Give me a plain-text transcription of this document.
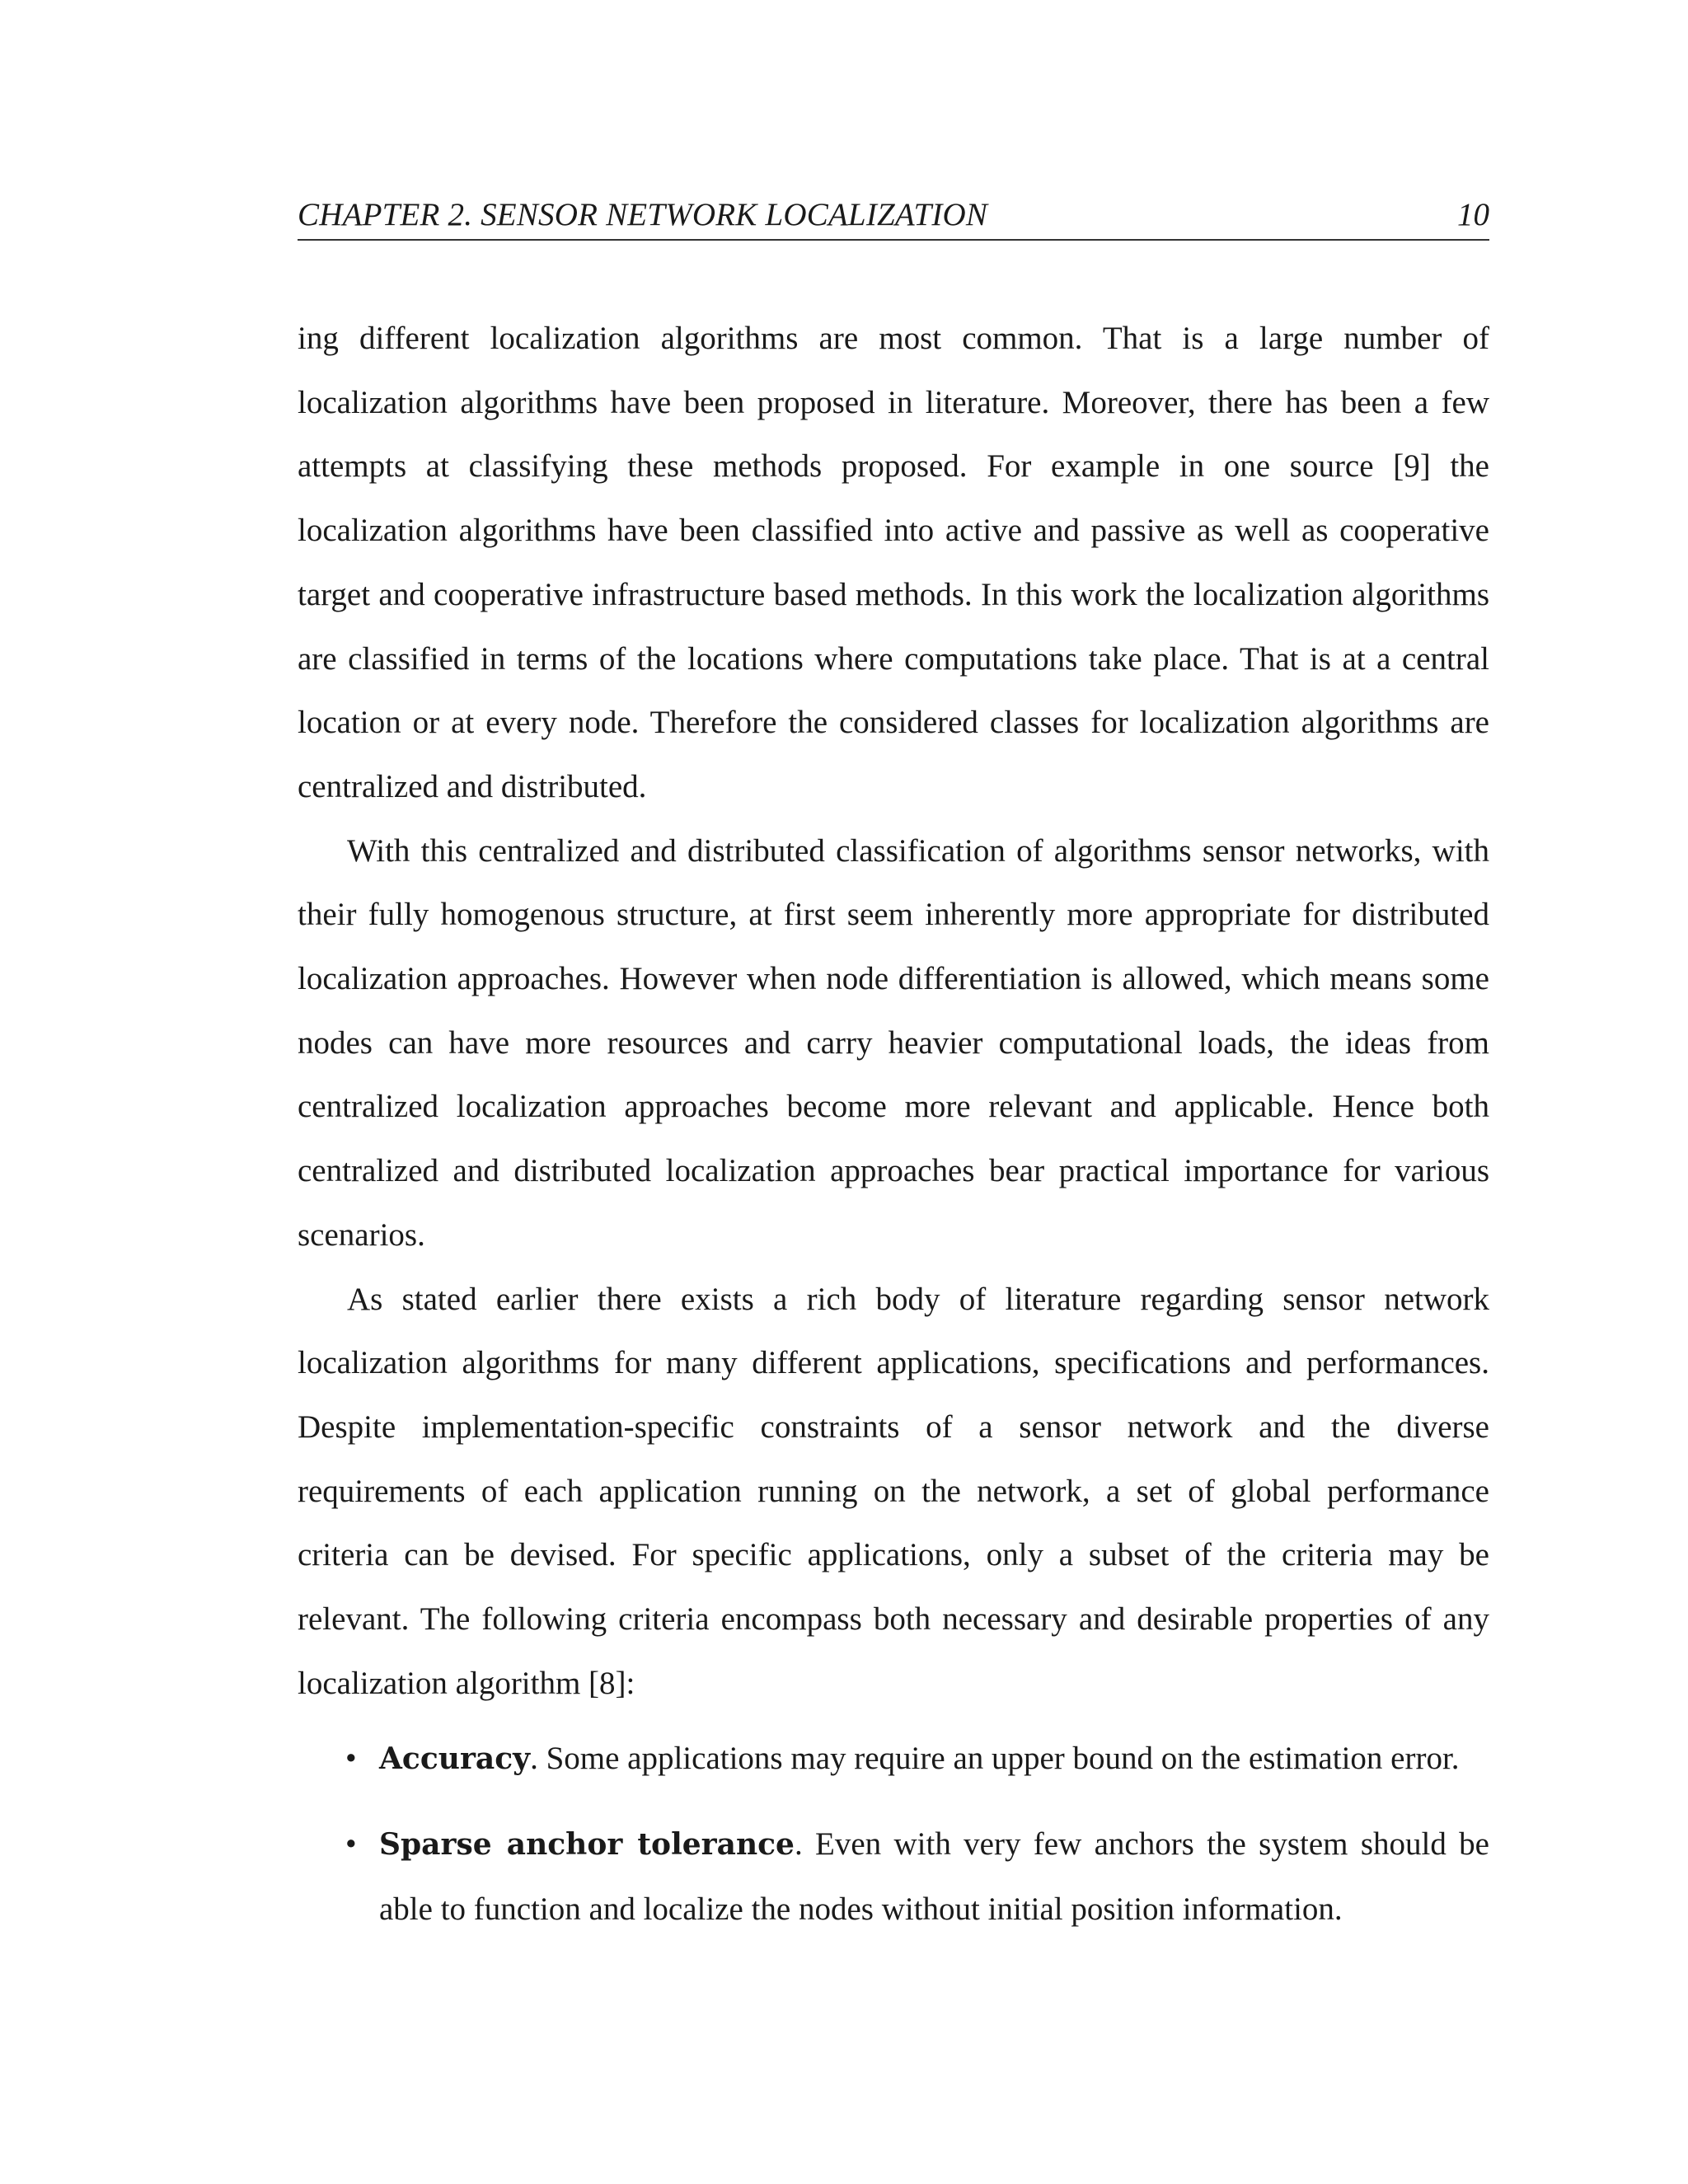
CHAPTER 2. SENSOR NETWORK LOCALIZATION	10

ing different localization algorithms are most common. That is a large number of localization algorithms have been proposed in literature. Moreover, there has been a few attempts at classifying these methods proposed. For example in one source [9] the localization algorithms have been classified into active and passive as well as cooperative target and cooperative infrastructure based methods. In this work the localization algorithms are classified in terms of the locations where computations take place. That is at a central location or at every node. Therefore the considered classes for localization algorithms are centralized and distributed.

With this centralized and distributed classification of algorithms sensor networks, with their fully homogenous structure, at first seem inherently more appropriate for distributed localization approaches. However when node differentiation is allowed, which means some nodes can have more resources and carry heavier computational loads, the ideas from centralized localization approaches become more relevant and applicable. Hence both centralized and distributed localization approaches bear practical importance for various scenarios.

As stated earlier there exists a rich body of literature regarding sensor network localization algorithms for many different applications, specifications and performances. Despite implementation-specific constraints of a sensor network and the diverse requirements of each application running on the network, a set of global performance criteria can be devised. For specific applications, only a subset of the criteria may be relevant. The following criteria encompass both necessary and desirable properties of any localization algorithm [8]:

• Accuracy. Some applications may require an upper bound on the estimation error.
• Sparse anchor tolerance. Even with very few anchors the system should be able to function and localize the nodes without initial position information.
